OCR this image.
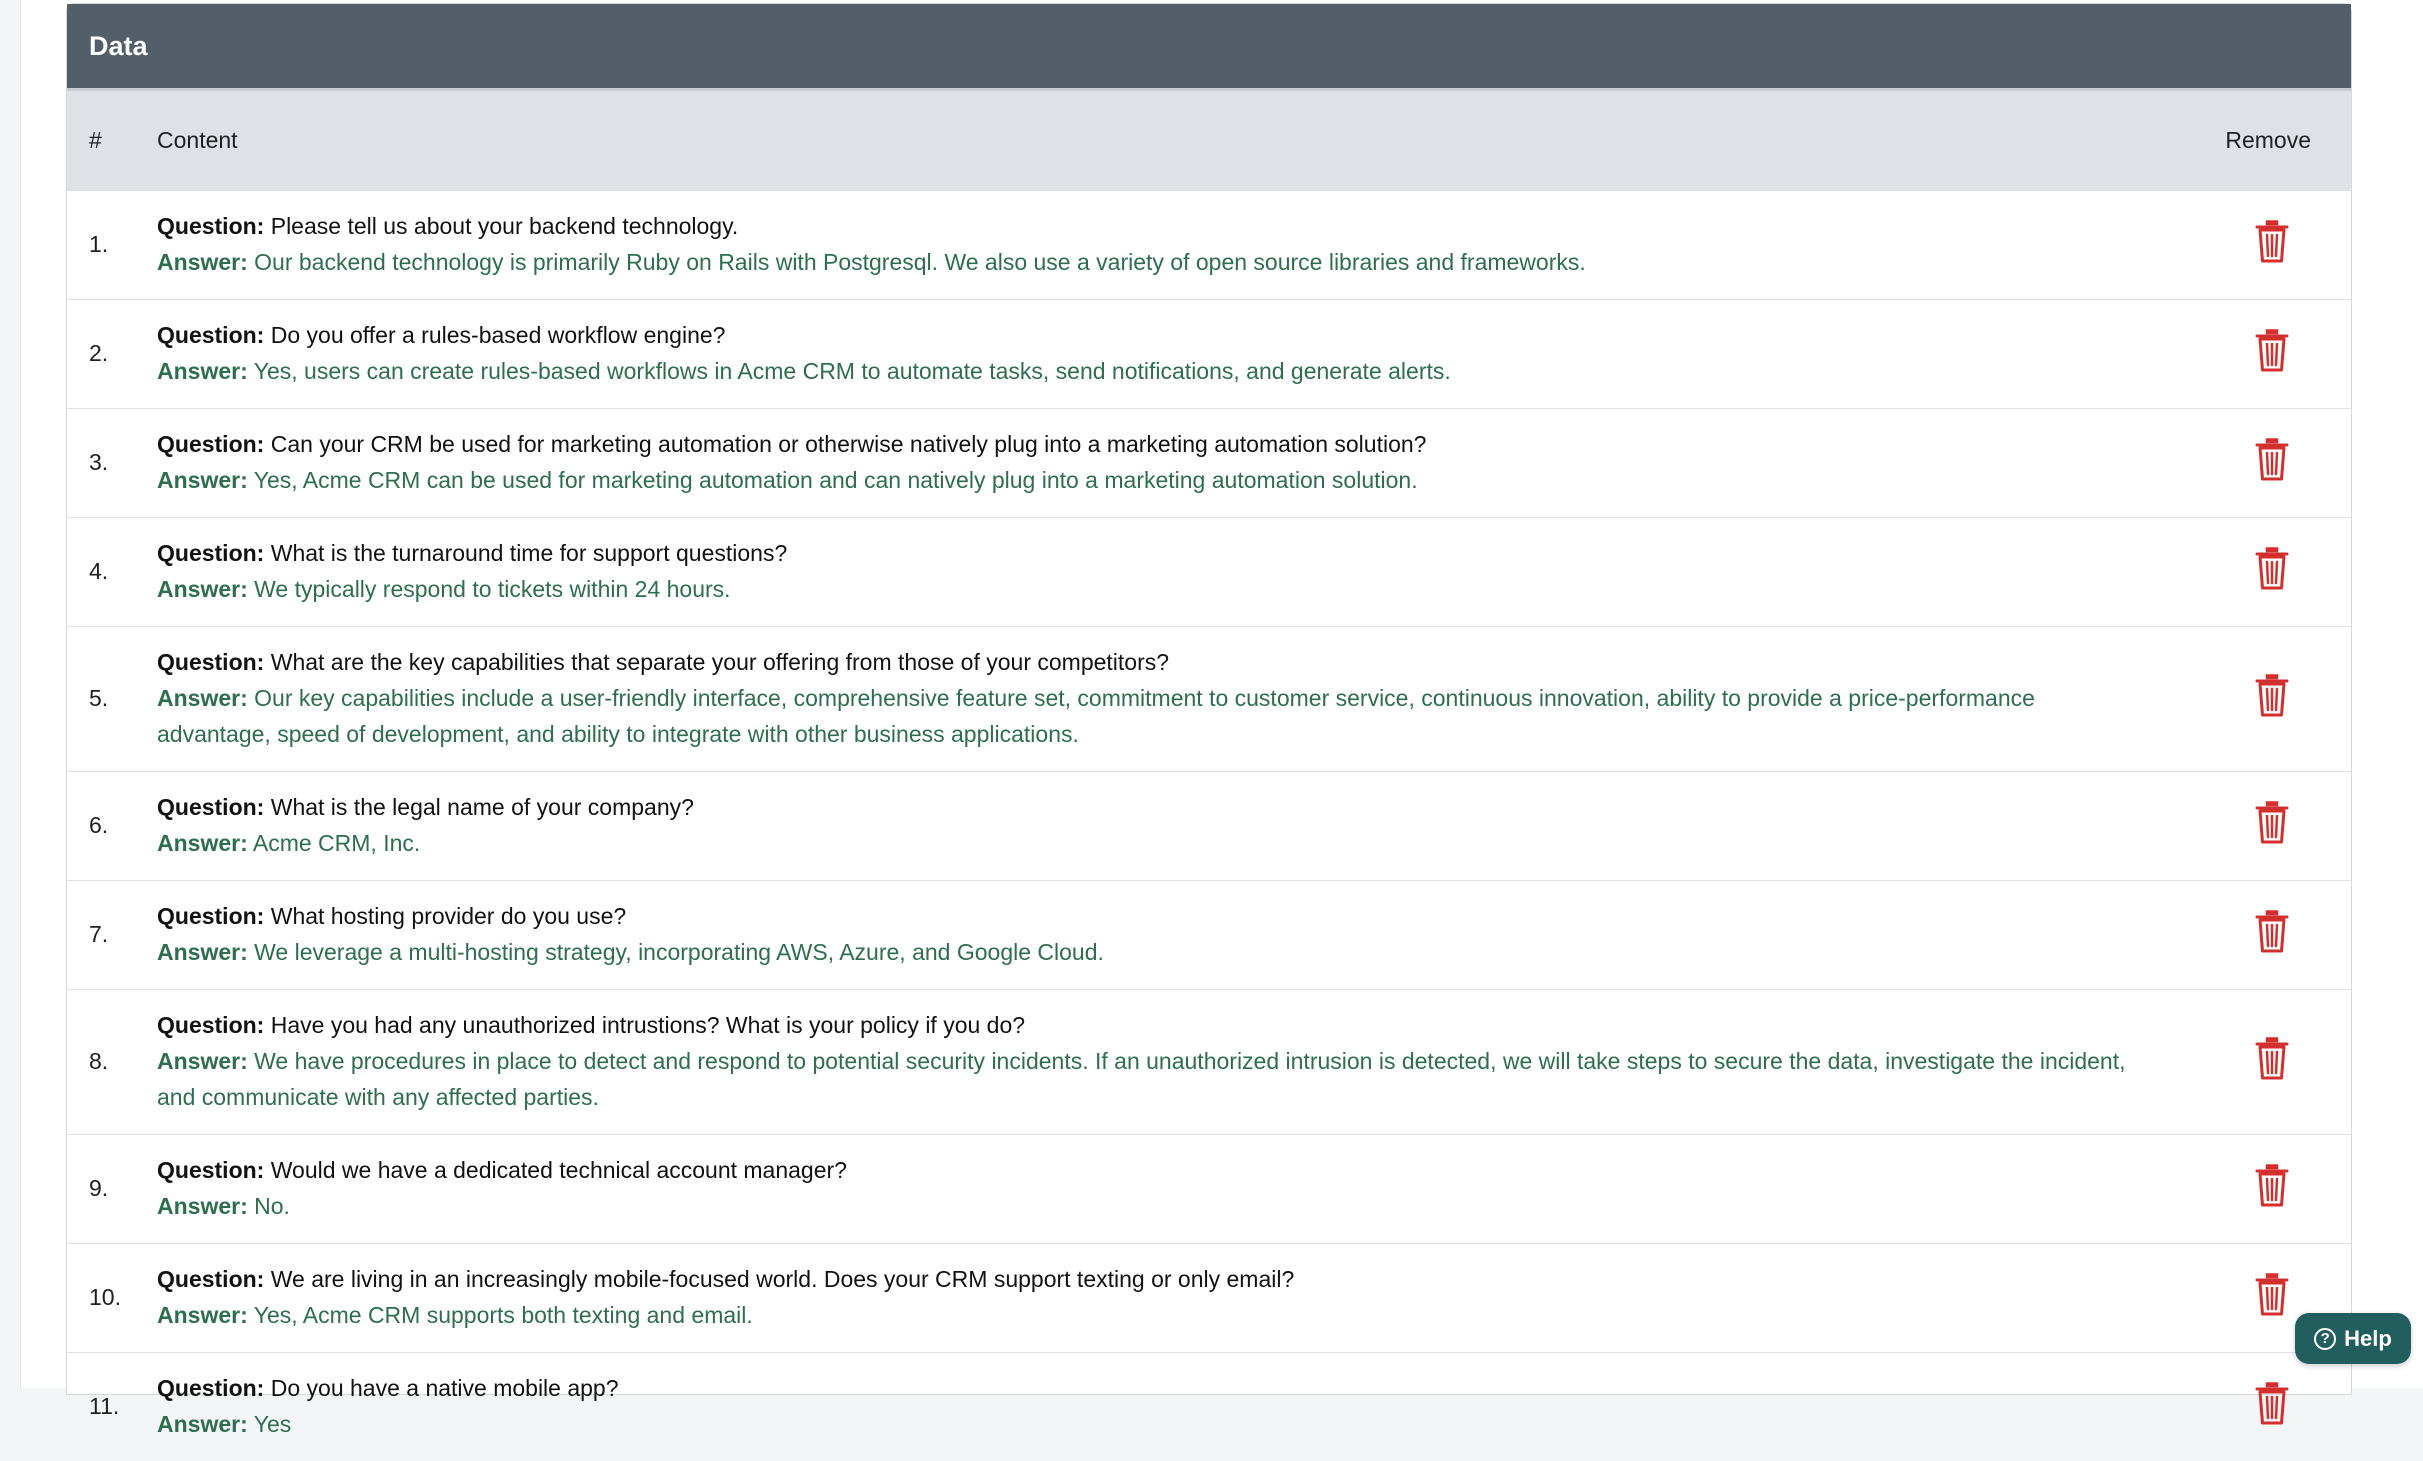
Data
#	Content	Remove
1.	Question: Please tell us about your backend technology.
Answer: Our backend technology is primarily Ruby on Rails with Postgresql. We also use a variety of open source libraries and frameworks.

2.	Question: Do you offer a rules-based workflow engine?
Answer: Yes, users can create rules-based workflows in Acme CRM to automate tasks, send notifications, and generate alerts.

3.	Question: Can your CRM be used for marketing automation or otherwise natively plug into a marketing automation solution?
Answer: Yes, Acme CRM can be used for marketing automation and can natively plug into a marketing automation solution.

4.	Question: What is the turnaround time for support questions?
Answer: We typically respond to tickets within 24 hours.

5.	Question: What are the key capabilities that separate your offering from those of your competitors?
Answer: Our key capabilities include a user-friendly interface, comprehensive feature set, commitment to customer service, continuous innovation, ability to provide a price-performance advantage, speed of development, and ability to integrate with other business applications.

6.	Question: What is the legal name of your company?
Answer: Acme CRM, Inc.

7.	Question: What hosting provider do you use?
Answer: We leverage a multi-hosting strategy, incorporating AWS, Azure, and Google Cloud.

8.	Question: Have you had any unauthorized intrustions? What is your policy if you do?
Answer: We have procedures in place to detect and respond to potential security incidents. If an unauthorized intrusion is detected, we will take steps to secure the data, investigate the incident, and communicate with any affected parties.

9.	Question: Would we have a dedicated technical account manager?
Answer: No.

10.	Question: We are living in an increasingly mobile-focused world. Does your CRM support texting or only email?
Answer: Yes, Acme CRM supports both texting and email.

11.	Question: Do you have a native mobile app?
Answer: Yes

? Help
